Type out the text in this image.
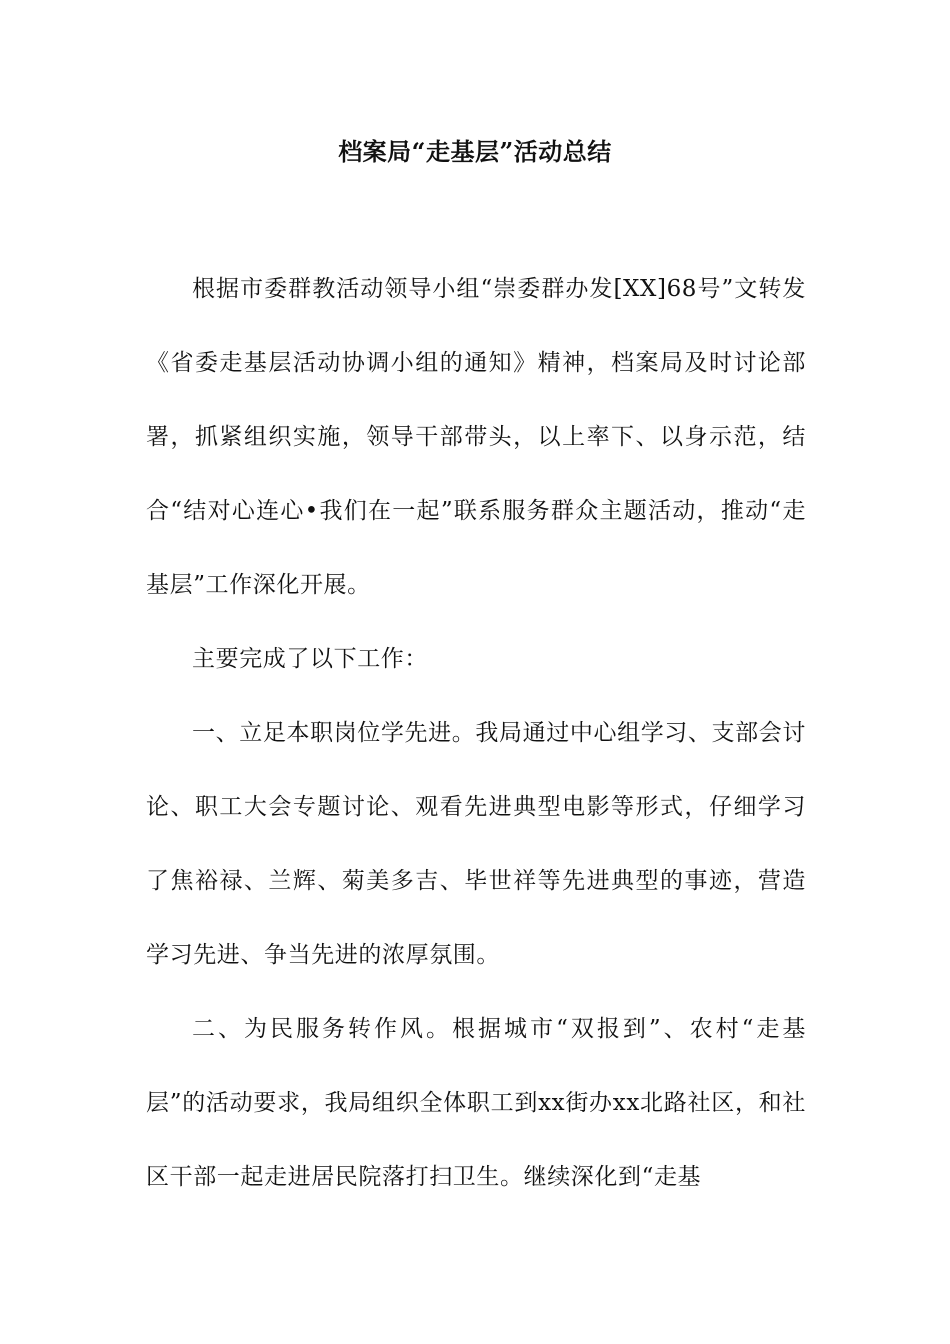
档案局“走基层”活动总结

根据市委群教活动领导小组“崇委群办发[XX]68号”文转发《省委走基层活动协调小组的通知》精神，档案局及时讨论部署，抓紧组织实施，领导干部带头，以上率下、以身示范，结合“结对心连心•我们在一起”联系服务群众主题活动，推动“走基层”工作深化开展。

主要完成了以下工作：

一、立足本职岗位学先进。我局通过中心组学习、支部会讨论、职工大会专题讨论、观看先进典型电影等形式，仔细学习了焦裕禄、兰辉、菊美多吉、毕世祥等先进典型的事迹，营造学习先进、争当先进的浓厚氛围。

二、为民服务转作风。根据城市“双报到”、农村“走基层”的活动要求，我局组织全体职工到xx街办xx北路社区，和社区干部一起走进居民院落打扫卫生。继续深化到“走基
